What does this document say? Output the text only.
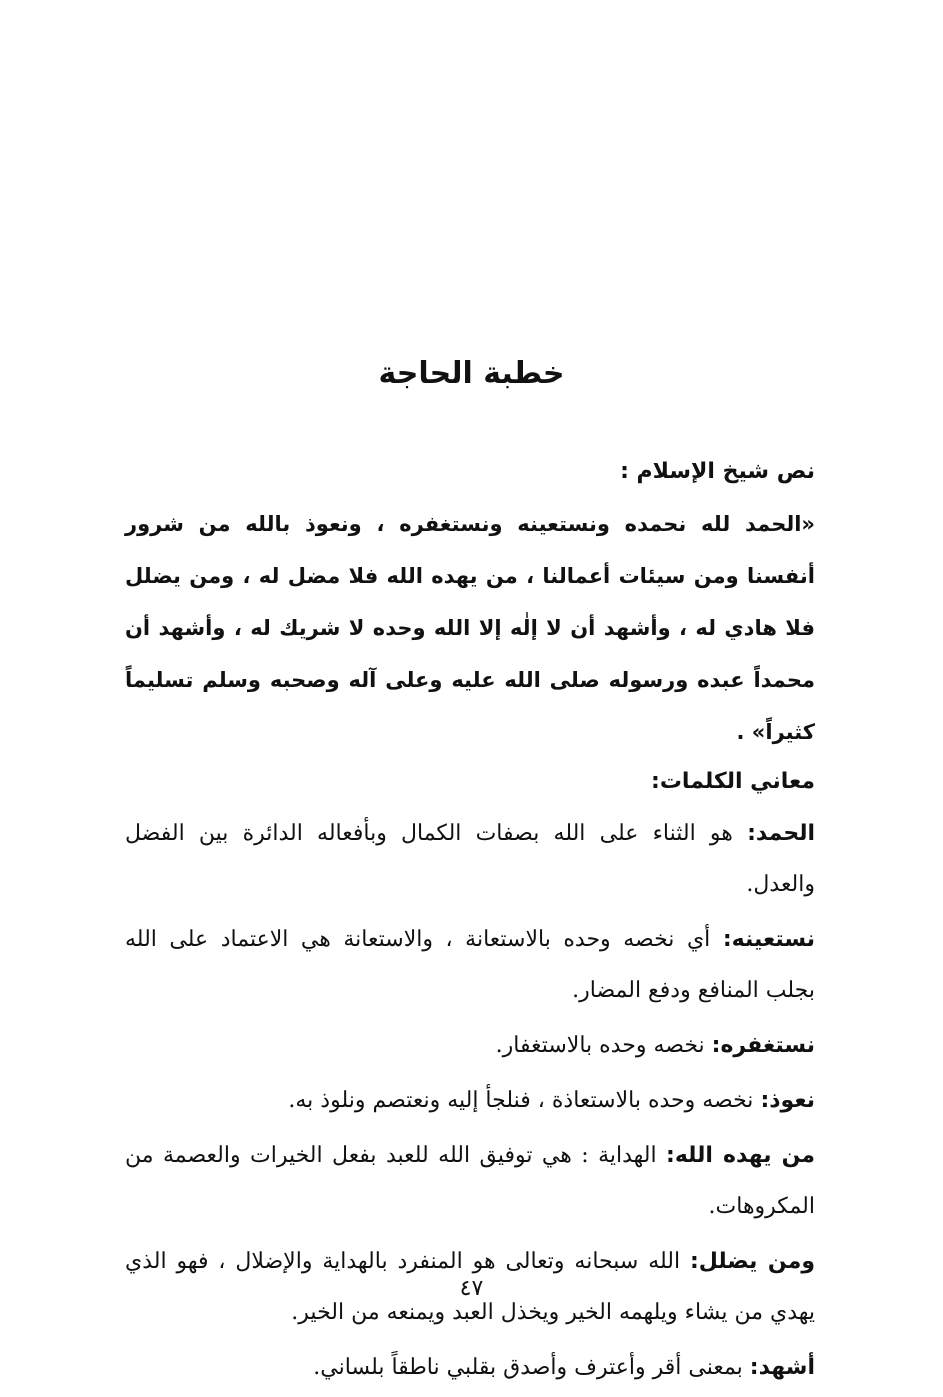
خطبة الحاجة
نص شيخ الإسلام :
«الحمد لله نحمده ونستعينه ونستغفره ، ونعوذ بالله من شرور أنفسنا ومن سيئات أعمالنا ، من يهده الله فلا مضل له ، ومن يضلل فلا هادي له ، وأشهد أن لا إلٰه إلا الله وحده لا شريك له ، وأشهد أن محمداً عبده ورسوله صلى الله عليه وعلى آله وصحبه وسلم تسليماً كثيراً» .
معاني الكلمات:
الحمد: هو الثناء على الله بصفات الكمال وبأفعاله الدائرة بين الفضل والعدل.
نستعينه: أي نخصه وحده بالاستعانة ، والاستعانة هي الاعتماد على الله بجلب المنافع ودفع المضار.
نستغفره: نخصه وحده بالاستغفار.
نعوذ: نخصه وحده بالاستعاذة ، فنلجأ إليه ونعتصم ونلوذ به.
من يهده الله: الهداية : هي توفيق الله للعبد بفعل الخيرات والعصمة من المكروهات.
ومن يضلل: الله سبحانه وتعالى هو المنفرد بالهداية والإضلال ، فهو الذي يهدي من يشاء ويلهمه الخير ويخذل العبد ويمنعه من الخير.
أشهد: بمعنى أقر وأعترف وأصدق بقلبي ناطقاً بلساني.
٤٧
